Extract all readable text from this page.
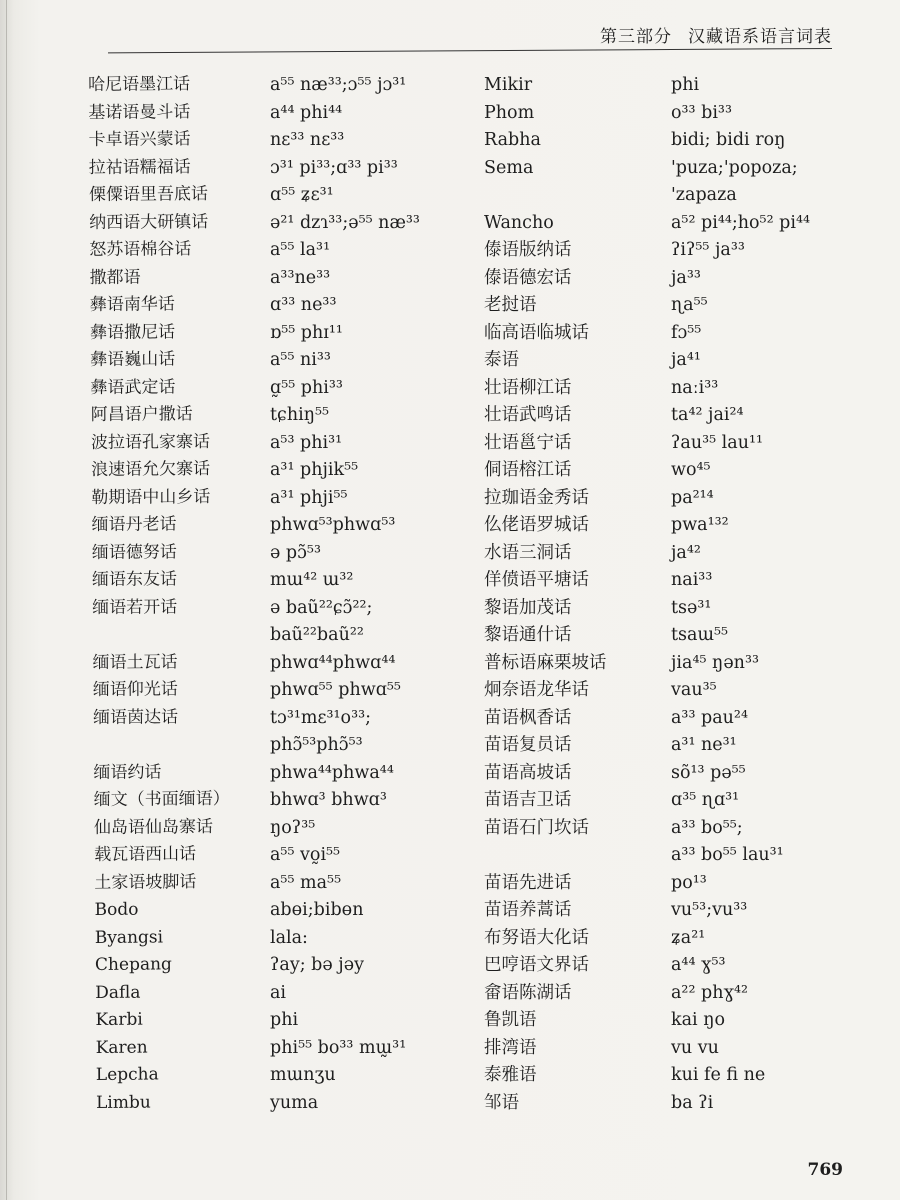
第三部分 汉藏语系语言词表
哈尼语墨江话
基诺语曼斗话
卡卓语兴蒙话
拉祜语糯福话
傈僳语里吾底话
纳西语大研镇话
怒苏语棉谷话
撒都语
彝语南华话
彝语撒尼话
彝语巍山话
彝语武定话
阿昌语户撒话
波拉语孔家寨话
浪速语允欠寨话
勒期语中山乡话
缅语丹老话
缅语德努话
缅语东友话
缅语若开话
缅语土瓦话
缅语仰光话
缅语茵达话
缅语约话
缅文（书面缅语）
仙岛语仙岛寨话
载瓦语西山话
土家语坡脚话
Bodo
Byangsi
Chepang
Dafla
Karbi
Karen
Lepcha
Limbu
a⁵⁵ næ³³;ɔ⁵⁵ jɔ³¹
a⁴⁴ phi⁴⁴
nɛ³³ nɛ³³
ɔ³¹ pi³³;ɑ³³ pi³³
ɑ⁵⁵ ʑɛ³¹
ə²¹ dzɿ³³;ə⁵⁵ næ³³
a⁵⁵ la³¹
a³³ne³³
ɑ³³ ne³³
ɒ⁵⁵ phɪ¹¹
a⁵⁵ ni³³
ɑ̰⁵⁵ phi³³
tɕhiŋ⁵⁵
a⁵³ phi³¹
a³¹ phjik⁵⁵
a³¹ phji⁵⁵
phwɑ⁵³phwɑ⁵³
ə pɔ̃⁵³
mɯ⁴² ɯ³²
ə baũ²²ɕɔ̃²²;
baũ²²baũ²²
phwɑ⁴⁴phwɑ⁴⁴
phwɑ⁵⁵ phwɑ⁵⁵
tɔ³¹mɛ³¹o³³;
phɔ̃⁵³phɔ̃⁵³
phwa⁴⁴phwa⁴⁴
bhwɑ³ bhwɑ³
ŋoʔ³⁵
a⁵⁵ vo̰i⁵⁵
a⁵⁵ ma⁵⁵
abɵi;bibɵn
lala:
ʔay; bə jəy
ai
phi
phi⁵⁵ bo³³ mɯ̰³¹
mɯnʒu
yuma
Mikir
Phom
Rabha
Sema
Wancho
傣语版纳话
傣语德宏话
老挝语
临高语临城话
泰语
壮语柳江话
壮语武鸣话
壮语邕宁话
侗语榕江话
拉珈语金秀话
仫佬语罗城话
水语三洞话
佯偾语平塘话
黎语加茂话
黎语通什话
普标语麻栗坡话
炯奈语龙华话
苗语枫香话
苗语复员话
苗语高坡话
苗语吉卫话
苗语石门坎话
苗语先进话
苗语养蒿话
布努语大化话
巴哼语文界话
畲语陈湖话
鲁凯语
排湾语
泰雅语
邹语
phi
o³³ bi³³
bidi; bidi roŋ
'puza;'popoza;
'zapaza
a⁵² pi⁴⁴;ho⁵² pi⁴⁴
ʔiʔ⁵⁵ ja³³
ja³³
ɳa⁵⁵
fɔ⁵⁵
ja⁴¹
naːi³³
ta⁴² jai²⁴
ʔau³⁵ lau¹¹
wo⁴⁵
pa²¹⁴
pwa¹³²
ja⁴²
nai³³
tsə³¹
tsaɯ⁵⁵
jia⁴⁵ ŋən³³
vau³⁵
a³³ pau²⁴
a³¹ ne³¹
sõ¹³ pə⁵⁵
ɑ³⁵ ɳɑ³¹
a³³ bo⁵⁵;
a³³ bo⁵⁵ lau³¹
po¹³
vu⁵³;vu³³
ʑa²¹
a⁴⁴ ɣ⁵³
a²² phɣ⁴²
kai ŋo
vu vu
kui fe fi ne
ba ʔi
769
